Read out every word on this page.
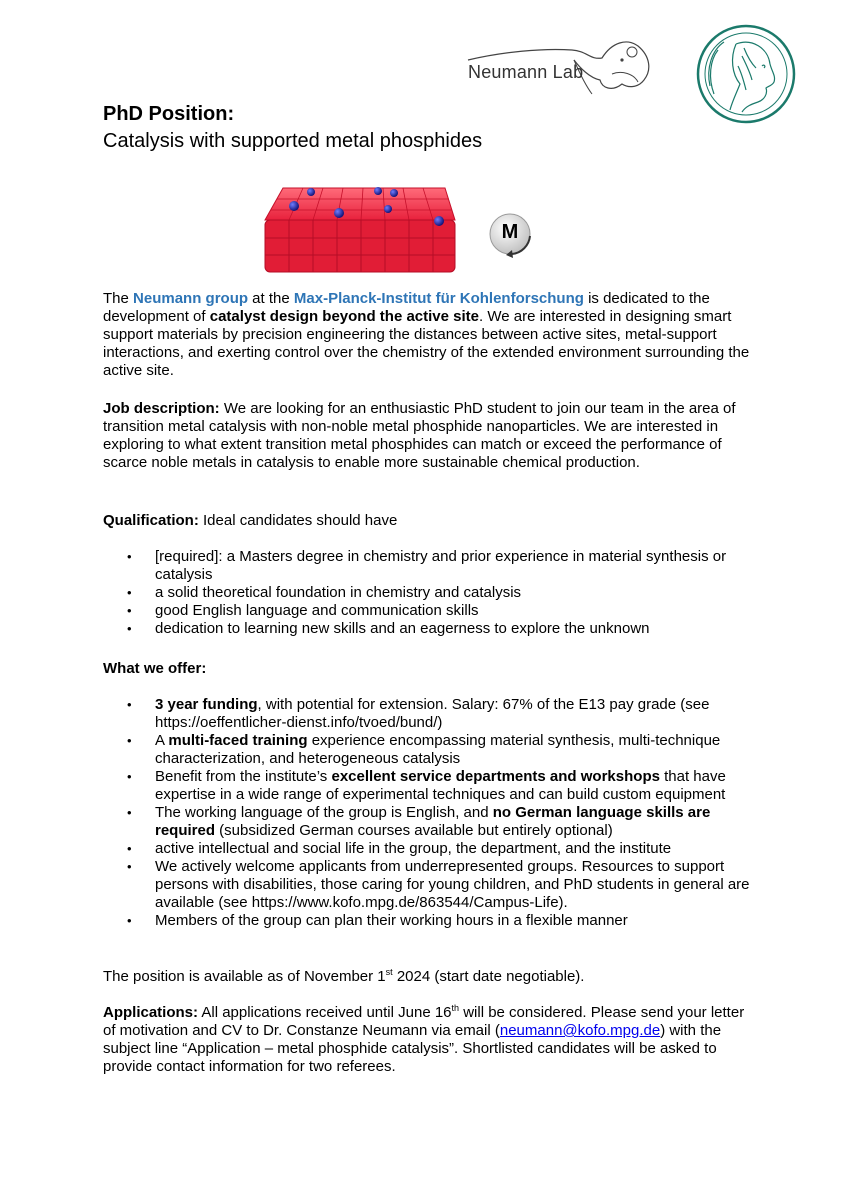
Neumann Lab
PhD Position:
Catalysis with supported metal phosphides
M

The Neumann group at the Max-Planck-Institut für Kohlenforschung is dedicated to the development of catalyst design beyond the active site. We are interested in designing smart support materials by precision engineering the distances between active sites, metal-support interactions, and exerting control over the chemistry of the extended environment surrounding the active site.

Job description: We are looking for an enthusiastic PhD student to join our team in the area of transition metal catalysis with non-noble metal phosphide nanoparticles. We are interested in exploring to what extent transition metal phosphides can match or exceed the performance of scarce noble metals in catalysis to enable more sustainable chemical production.

Qualification: Ideal candidates should have

• [required]: a Masters degree in chemistry and prior experience in material synthesis or catalysis
• a solid theoretical foundation in chemistry and catalysis
• good English language and communication skills
• dedication to learning new skills and an eagerness to explore the unknown

What we offer:

• 3 year funding, with potential for extension. Salary: 67% of the E13 pay grade (see https://oeffentlicher-dienst.info/tvoed/bund/)
• A multi-faced training experience encompassing material synthesis, multi-technique characterization, and heterogeneous catalysis
• Benefit from the institute’s excellent service departments and workshops that have expertise in a wide range of experimental techniques and can build custom equipment
• The working language of the group is English, and no German language skills are required (subsidized German courses available but entirely optional)
• active intellectual and social life in the group, the department, and the institute
• We actively welcome applicants from underrepresented groups. Resources to support persons with disabilities, those caring for young children, and PhD students in general are available (see https://www.kofo.mpg.de/863544/Campus-Life).
• Members of the group can plan their working hours in a flexible manner

The position is available as of November 1st 2024 (start date negotiable).

Applications: All applications received until June 16th will be considered. Please send your letter of motivation and CV to Dr. Constanze Neumann via email (neumann@kofo.mpg.de) with the subject line “Application – metal phosphide catalysis”. Shortlisted candidates will be asked to provide contact information for two referees.
